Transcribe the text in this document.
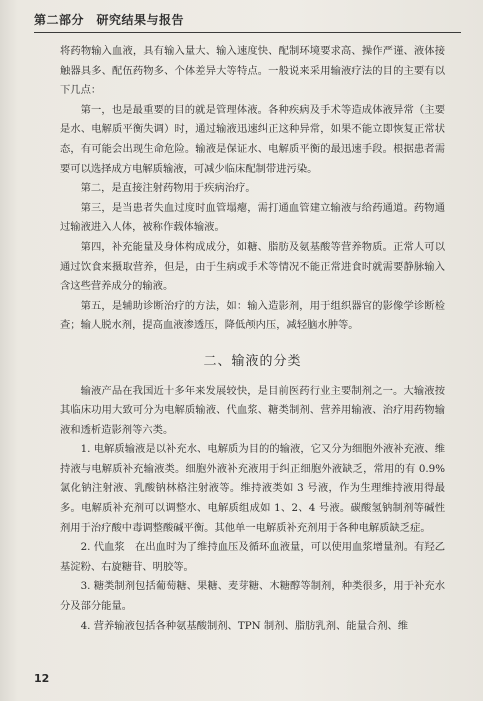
第二部分　研究结果与报告

将药物输入血液，具有输入量大、输入速度快、配制环境要求高、操作严谨、液体接触器具多、配伍药物多、个体差异大等特点。一般说来采用输液疗法的目的主要有以下几点：

第一，也是最重要的目的就是管理体液。各种疾病及手术等造成体液异常（主要是水、电解质平衡失调）时，通过输液迅速纠正这种异常，如果不能立即恢复正常状态，有可能会出现生命危险。输液是保证水、电解质平衡的最迅速手段。根据患者需要可以选择成方电解质输液，可减少临床配制带进污染。

第二，是直接注射药物用于疾病治疗。

第三，是当患者失血过度时血管塌瘪，需打通血管建立输液与给药通道。药物通过输液进入人体，被称作载体输液。

第四，补充能量及身体构成成分，如糖、脂肪及氨基酸等营养物质。正常人可以通过饮食来摄取营养，但是，由于生病或手术等情况不能正常进食时就需要静脉输入含这些营养成分的输液。

第五，是辅助诊断治疗的方法，如：输入造影剂，用于组织器官的影像学诊断检查；输人脱水剂，提高血液渗透压，降低颅内压，减轻脑水肿等。

二、输液的分类

输液产品在我国近十多年来发展较快，是目前医药行业主要制剂之一。大输液按其临床功用大致可分为电解质输液、代血浆、糖类制剂、营养用输液、治疗用药物输液和透析造影剂等六类。

1. 电解质输液是以补充水、电解质为目的的输液，它又分为细胞外液补充液、维持液与电解质补充输液类。细胞外液补充液用于纠正细胞外液缺乏，常用的有 0.9% 氯化钠注射液、乳酸钠林格注射液等。维持液类如 3 号液，作为生理维持液用得最多。电解质补充剂可以调整水、电解质组成如 1、2、4 号液。碳酸氢钠制剂等碱性剂用于治疗酸中毒调整酸碱平衡。其他单一电解质补充剂用于各种电解质缺乏症。

2. 代血浆　在出血时为了维持血压及循环血液量，可以使用血浆增量剂。有羟乙基淀粉、右旋糖苷、明胶等。

3. 糖类制剂包括葡萄糖、果糖、麦芽糖、木糖醇等制剂，种类很多，用于补充水分及部分能量。

4. 营养输液包括各种氨基酸制剂、TPN 制剂、脂肪乳剂、能量合剂、维

12
